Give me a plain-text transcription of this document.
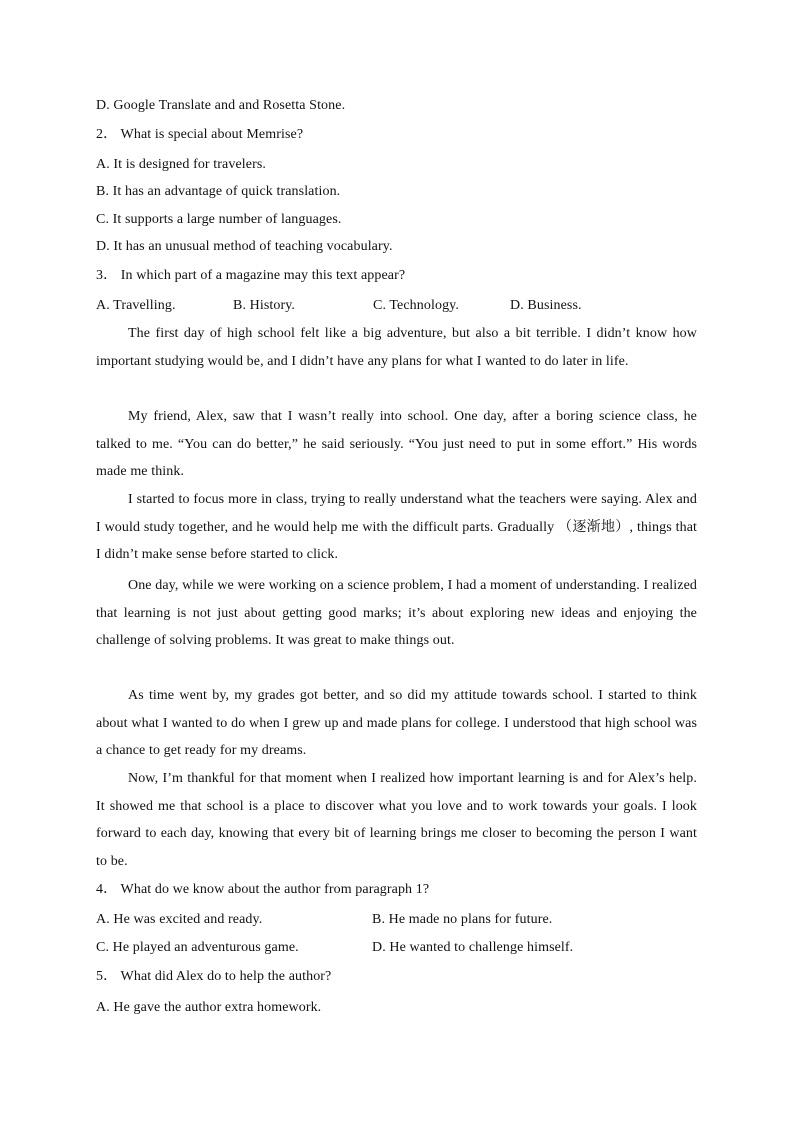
D. Google Translate and and Rosetta Stone.
2． What is special about Memrise?
A. It is designed for travelers.
B. It has an advantage of quick translation.
C. It supports a large number of languages.
D. It has an unusual method of teaching vocabulary.
3． In which part of a magazine may this text appear?
A. Travelling.	B. History.	C. Technology.	D. Business.
The first day of high school felt like a big adventure, but also a bit terrible. I didn’t know how important studying would be, and I didn’t have any plans for what I wanted to do later in life.
My friend, Alex, saw that I wasn’t really into school. One day, after a boring science class, he talked to me. “You can do better,” he said seriously. “You just need to put in some effort.” His words made me think.
I started to focus more in class, trying to really understand what the teachers were saying. Alex and I would study together, and he would help me with the difficult parts. Gradually （逐渐地）, things that I didn’t make sense before started to click.
One day, while we were working on a science problem, I had a moment of understanding. I realized that learning is not just about getting good marks; it’s about exploring new ideas and enjoying the challenge of solving problems. It was great to make things out.
As time went by, my grades got better, and so did my attitude towards school. I started to think about what I wanted to do when I grew up and made plans for college. I understood that high school was a chance to get ready for my dreams.
Now, I’m thankful for that moment when I realized how important learning is and for Alex’s help. It showed me that school is a place to discover what you love and to work towards your goals. I look forward to each day, knowing that every bit of learning brings me closer to becoming the person I want to be.
4． What do we know about the author from paragraph 1?
A. He was excited and ready.	B. He made no plans for future.
C. He played an adventurous game.	D. He wanted to challenge himself.
5． What did Alex do to help the author?
A. He gave the author extra homework.
